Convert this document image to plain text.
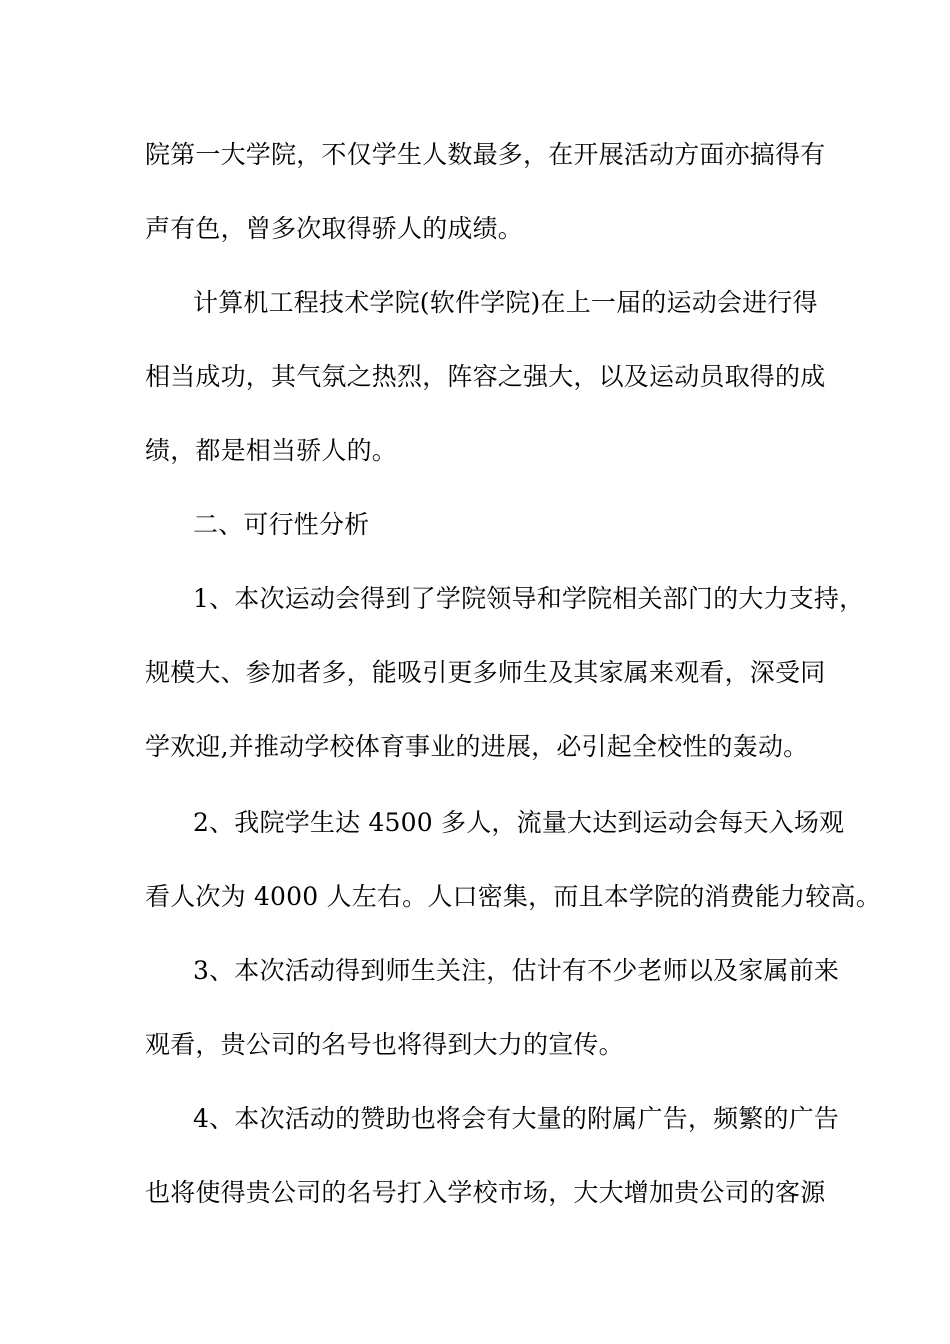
院第一大学院，不仅学生人数最多，在开展活动方面亦搞得有
声有色，曾多次取得骄人的成绩。
计算机工程技术学院(软件学院)在上一届的运动会进行得
相当成功，其气氛之热烈，阵容之强大，以及运动员取得的成
绩，都是相当骄人的。
二、可行性分析
1、本次运动会得到了学院领导和学院相关部门的大力支持，
规模大、参加者多，能吸引更多师生及其家属来观看，深受同
学欢迎,并推动学校体育事业的进展，必引起全校性的轰动。
2、我院学生达 4500 多人，流量大达到运动会每天入场观
看人次为 4000 人左右。人口密集，而且本学院的消费能力较高。
3、本次活动得到师生关注，估计有不少老师以及家属前来
观看，贵公司的名号也将得到大力的宣传。
4、本次活动的赞助也将会有大量的附属广告，频繁的广告
也将使得贵公司的名号打入学校市场，大大增加贵公司的客源
